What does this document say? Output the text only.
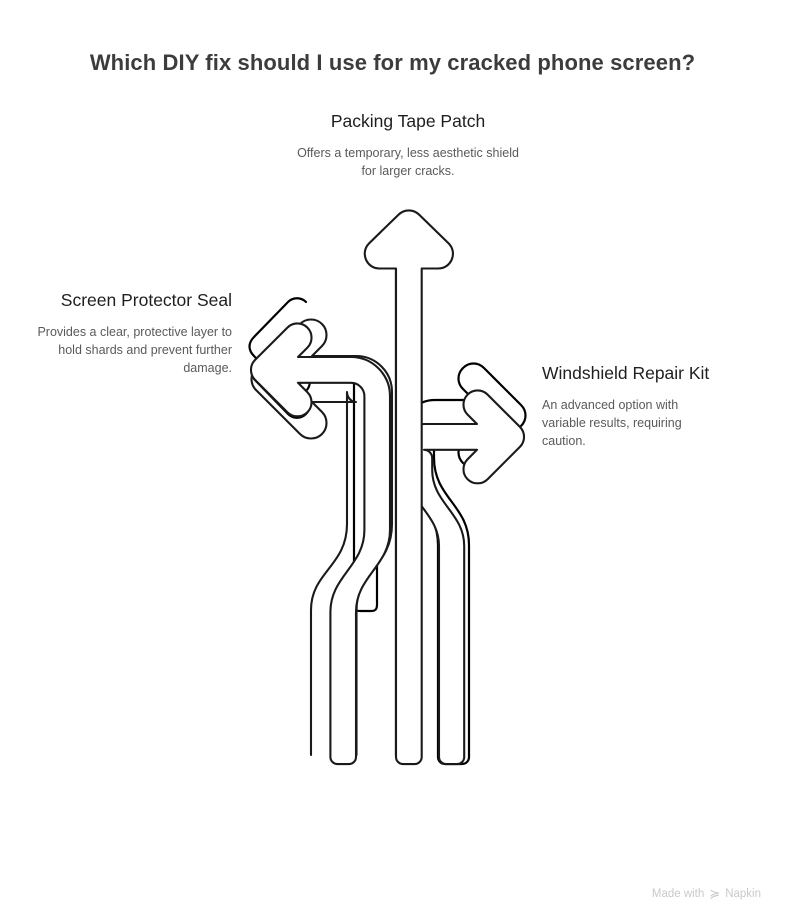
Which DIY fix should I use for my cracked phone screen?
Packing Tape Patch
Offers a temporary, less aesthetic shield for larger cracks.
Screen Protector Seal
Provides a clear, protective layer to hold shards and prevent further damage.	Windshield Repair Kit
An advanced option with variable results, requiring caution.
Made with ≽ Napkin
